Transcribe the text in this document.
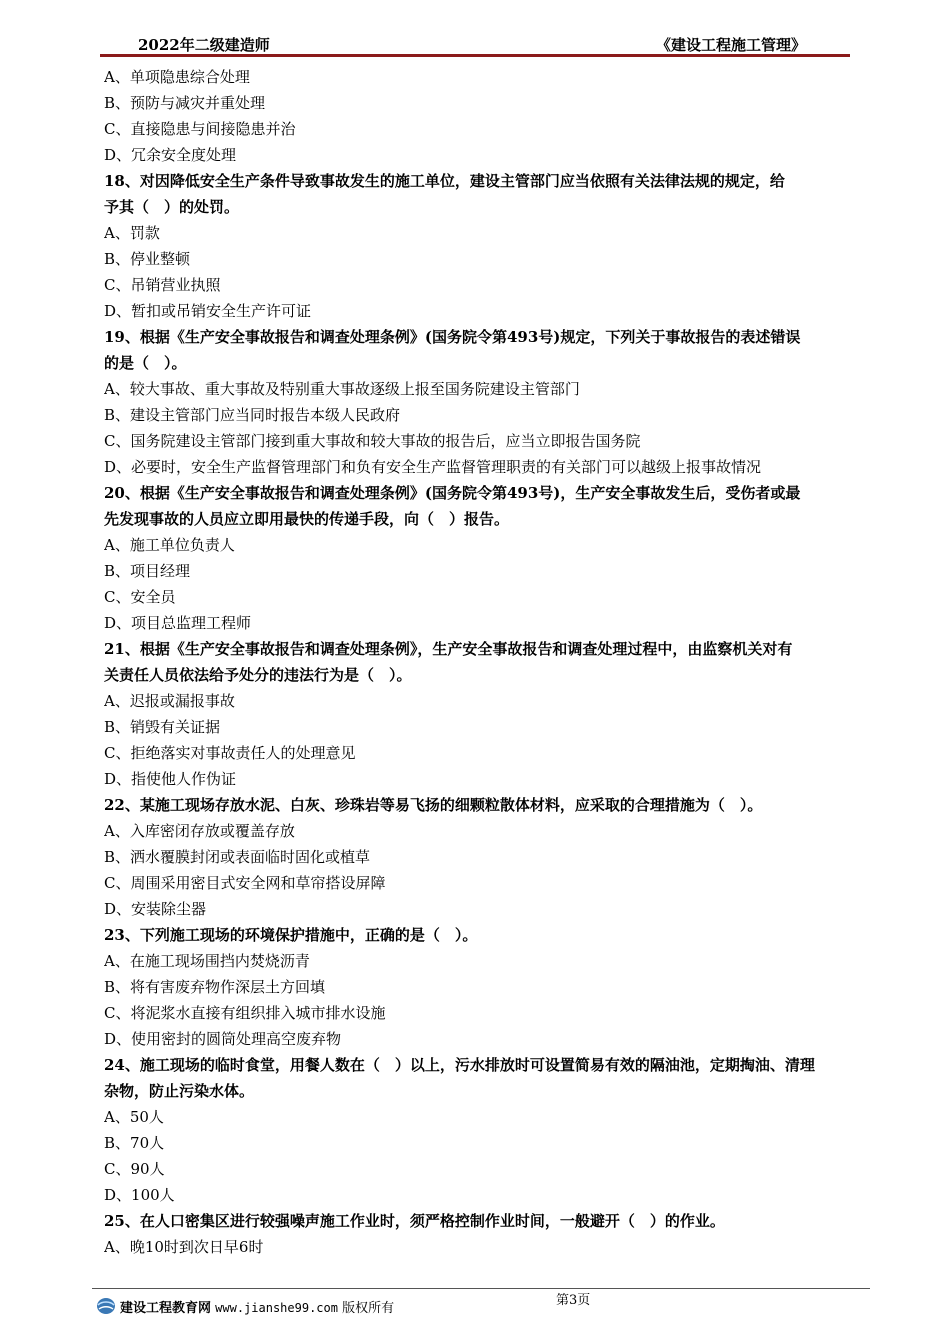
2022年二级建造师	《建设工程施工管理》
A、单项隐患综合处理
B、预防与减灾并重处理
C、直接隐患与间接隐患并治
D、冗余安全度处理
18、对因降低安全生产条件导致事故发生的施工单位，建设主管部门应当依照有关法律法规的规定，给
予其（　）的处罚。
A、罚款
B、停业整顿
C、吊销营业执照
D、暂扣或吊销安全生产许可证
19、根据《生产安全事故报告和调查处理条例》(国务院令第493号)规定，下列关于事故报告的表述错误
的是（　）。
A、较大事故、重大事故及特别重大事故逐级上报至国务院建设主管部门
B、建设主管部门应当同时报告本级人民政府
C、国务院建设主管部门接到重大事故和较大事故的报告后，应当立即报告国务院
D、必要时，安全生产监督管理部门和负有安全生产监督管理职责的有关部门可以越级上报事故情况
20、根据《生产安全事故报告和调查处理条例》(国务院令第493号)，生产安全事故发生后，受伤者或最
先发现事故的人员应立即用最快的传递手段，向（　）报告。
A、施工单位负责人
B、项目经理
C、安全员
D、项目总监理工程师
21、根据《生产安全事故报告和调查处理条例》，生产安全事故报告和调查处理过程中，由监察机关对有
关责任人员依法给予处分的违法行为是（　）。
A、迟报或漏报事故
B、销毁有关证据
C、拒绝落实对事故责任人的处理意见
D、指使他人作伪证
22、某施工现场存放水泥、白灰、珍珠岩等易飞扬的细颗粒散体材料，应采取的合理措施为（　）。
A、入库密闭存放或覆盖存放
B、洒水覆膜封闭或表面临时固化或植草
C、周围采用密目式安全网和草帘搭设屏障
D、安装除尘器
23、下列施工现场的环境保护措施中，正确的是（　）。
A、在施工现场围挡内焚烧沥青
B、将有害废弃物作深层土方回填
C、将泥浆水直接有组织排入城市排水设施
D、使用密封的圆筒处理高空废弃物
24、施工现场的临时食堂，用餐人数在（　）以上，污水排放时可设置简易有效的隔油池，定期掏油、清理
杂物，防止污染水体。
A、50人
B、70人
C、90人
D、100人
25、在人口密集区进行较强噪声施工作业时，须严格控制作业时间，一般避开（　）的作业。
A、晚10时到次日早6时
第3页
建设工程教育网 www.jianshe99.com 版权所有
